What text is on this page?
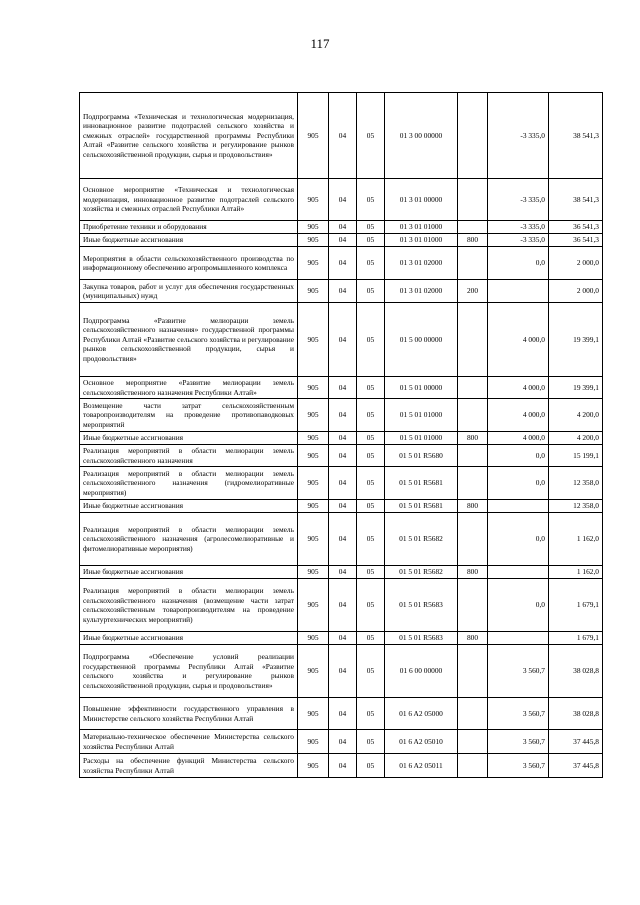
117
Подпрограмма «Техническая и технологическая модернизация, инновационное развитие подотраслей сельского хозяйства и смежных отраслей» государственной программы Республики Алтай «Развитие сельского хозяйства и регулирование рынков сельскохозяйственной продукции, сырья и продовольствия»	905	04	05	01 3 00 00000		-3 335,0	38 541,3
Основное мероприятие «Техническая и технологическая модернизация, инновационное развитие подотраслей сельского хозяйства и смежных отраслей Республики Алтай»	905	04	05	01 3 01 00000		-3 335,0	38 541,3
Приобретение техники и оборудования	905	04	05	01 3 01 01000		-3 335,0	36 541,3
Иные бюджетные ассигнования	905	04	05	01 3 01 01000	800	-3 335,0	36 541,3
Мероприятия в области сельскохозяйственного производства по информационному обеспечению агропромышленного комплекса	905	04	05	01 3 01 02000		0,0	2 000,0
Закупка товаров, работ и услуг для обеспечения государственных (муниципальных) нужд	905	04	05	01 3 01 02000	200		2 000,0
Подпрограмма «Развитие мелиорации земель сельскохозяйственного назначения» государственной программы Республики Алтай «Развитие сельского хозяйства и регулирование рынков сельскохозяйственной продукции, сырья и продовольствия»	905	04	05	01 5 00 00000		4 000,0	19 399,1
Основное мероприятие «Развитие мелиорации земель сельскохозяйственного назначения Республики Алтай»	905	04	05	01 5 01 00000		4 000,0	19 399,1
Возмещение части затрат сельскохозяйственным товаропроизводителям на проведение противопаводковых мероприятий	905	04	05	01 5 01 01000		4 000,0	4 200,0
Иные бюджетные ассигнования	905	04	05	01 5 01 01000	800	4 000,0	4 200,0
Реализация мероприятий в области мелиорации земель сельскохозяйственного назначения	905	04	05	01 5 01 R5680		0,0	15 199,1
Реализация мероприятий в области мелиорации земель сельскохозяйственного назначения (гидромелиоративные мероприятия)	905	04	05	01 5 01 R5681		0,0	12 358,0
Иные бюджетные ассигнования	905	04	05	01 5 01 R5681	800		12 358,0
Реализация мероприятий в области мелиорации земель сельскохозяйственного назначения (агролесомелиоративные и фитомелиоративные мероприятия)	905	04	05	01 5 01 R5682		0,0	1 162,0
Иные бюджетные ассигнования	905	04	05	01 5 01 R5682	800		1 162,0
Реализация мероприятий в области мелиорации земель сельскохозяйственного назначения (возмещение части затрат сельскохозяйственным товаропроизводителям на проведение культуртехнических мероприятий)	905	04	05	01 5 01 R5683		0,0	1 679,1
Иные бюджетные ассигнования	905	04	05	01 5 01 R5683	800		1 679,1
Подпрограмма «Обеспечение условий реализации государственной программы Республики Алтай «Развитие сельского хозяйства и регулирование рынков сельскохозяйственной продукции, сырья и продовольствия»	905	04	05	01 6 00 00000		3 560,7	38 028,8
Повышение эффективности государственного управления в Министерстве сельского хозяйства Республики Алтай	905	04	05	01 6 A2 05000		3 560,7	38 028,8
Материально-техническое обеспечение Министерства сельского хозяйства Республики Алтай	905	04	05	01 6 A2 05010		3 560,7	37 445,8
Расходы на обеспечение функций Министерства сельского хозяйства Республики Алтай	905	04	05	01 6 A2 05011		3 560,7	37 445,8
